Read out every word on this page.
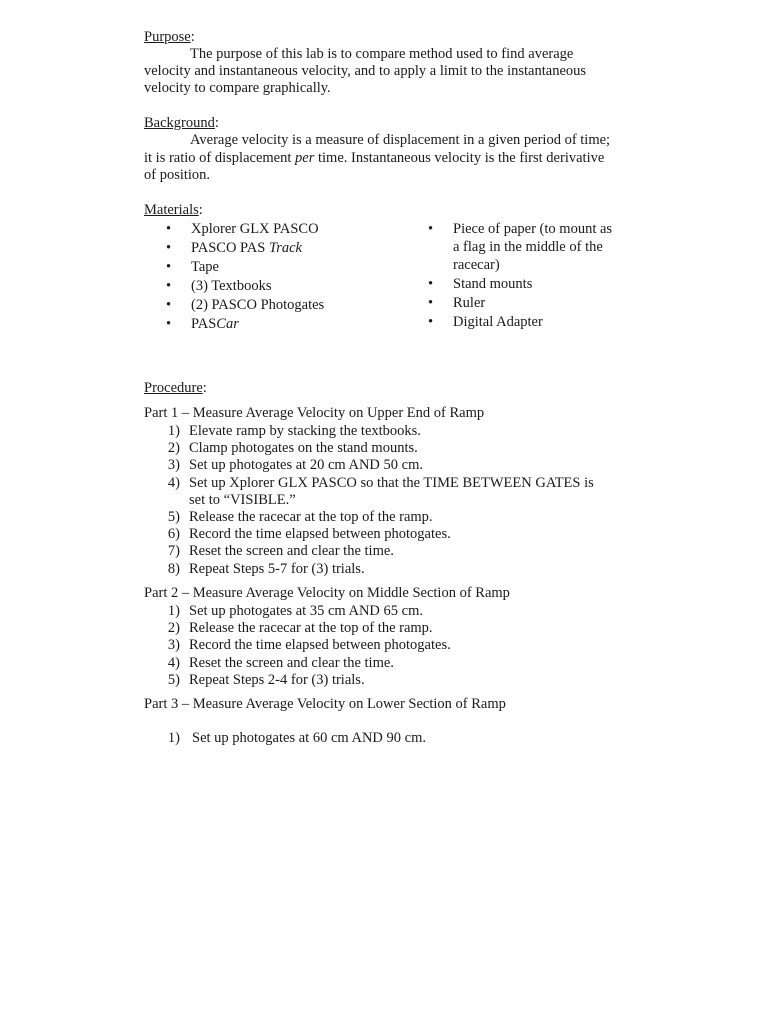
Purpose:
The purpose of this lab is to compare method used to find average
velocity and instantaneous velocity, and to apply a limit to the instantaneous
velocity to compare graphically.
Background:
Average velocity is a measure of displacement in a given period of time;
it is ratio of displacement per time. Instantaneous velocity is the first derivative
of position.
Materials:
• Xplorer GLX PASCO
• PASCO PAS Track
• Tape
• (3) Textbooks
• (2) PASCO Photogates
• PASCar
• Piece of paper (to mount as
a flag in the middle of the
racecar)
• Stand mounts
• Ruler
• Digital Adapter
Procedure:
Part 1 – Measure Average Velocity on Upper End of Ramp
1) Elevate ramp by stacking the textbooks.
2) Clamp photogates on the stand mounts.
3) Set up photogates at 20 cm AND 50 cm.
4) Set up Xplorer GLX PASCO so that the TIME BETWEEN GATES is
set to “VISIBLE.”
5) Release the racecar at the top of the ramp.
6) Record the time elapsed between photogates.
7) Reset the screen and clear the time.
8) Repeat Steps 5-7 for (3) trials.
Part 2 – Measure Average Velocity on Middle Section of Ramp
1) Set up photogates at 35 cm AND 65 cm.
2) Release the racecar at the top of the ramp.
3) Record the time elapsed between photogates.
4) Reset the screen and clear the time.
5) Repeat Steps 2-4 for (3) trials.
Part 3 – Measure Average Velocity on Lower Section of Ramp
1) Set up photogates at 60 cm AND 90 cm.
